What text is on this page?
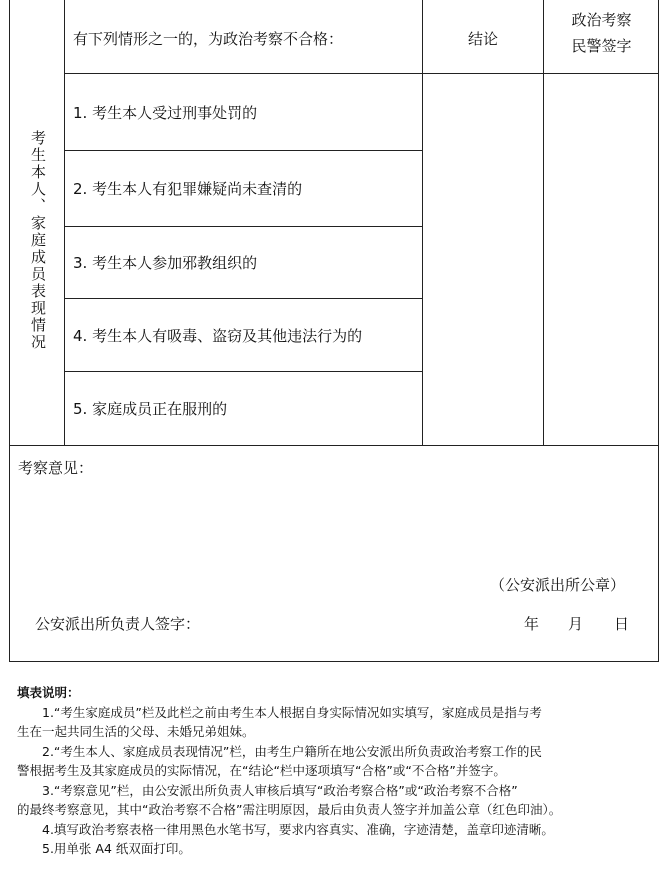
考生本人、家庭成员表现情况
有下列情形之一的，为政治考察不合格：	结论
政治考察
民警签字
1. 考生本人受过刑事处罚的
2. 考生本人有犯罪嫌疑尚未查清的
3. 考生本人参加邪教组织的
4. 考生本人有吸毒、盗窃及其他违法行为的
5. 家庭成员正在服刑的
考察意见：
（公安派出所公章）
公安派出所负责人签字：	年 月 日
填表说明：
1.“考生家庭成员”栏及此栏之前由考生本人根据自身实际情况如实填写，家庭成员是指与考
生在一起共同生活的父母、未婚兄弟姐妹。
2.“考生本人、家庭成员表现情况”栏，由考生户籍所在地公安派出所负责政治考察工作的民
警根据考生及其家庭成员的实际情况，在“结论“栏中逐项填写“合格”或“不合格”并签字。
3.“考察意见”栏，由公安派出所负责人审核后填写“政治考察合格”或“政治考察不合格”
的最终考察意见，其中“政治考察不合格”需注明原因，最后由负责人签字并加盖公章（红色印油）。
4.填写政治考察表格一律用黑色水笔书写，要求内容真实、准确，字迹清楚，盖章印迹清晰。
5.用单张 A4 纸双面打印。
